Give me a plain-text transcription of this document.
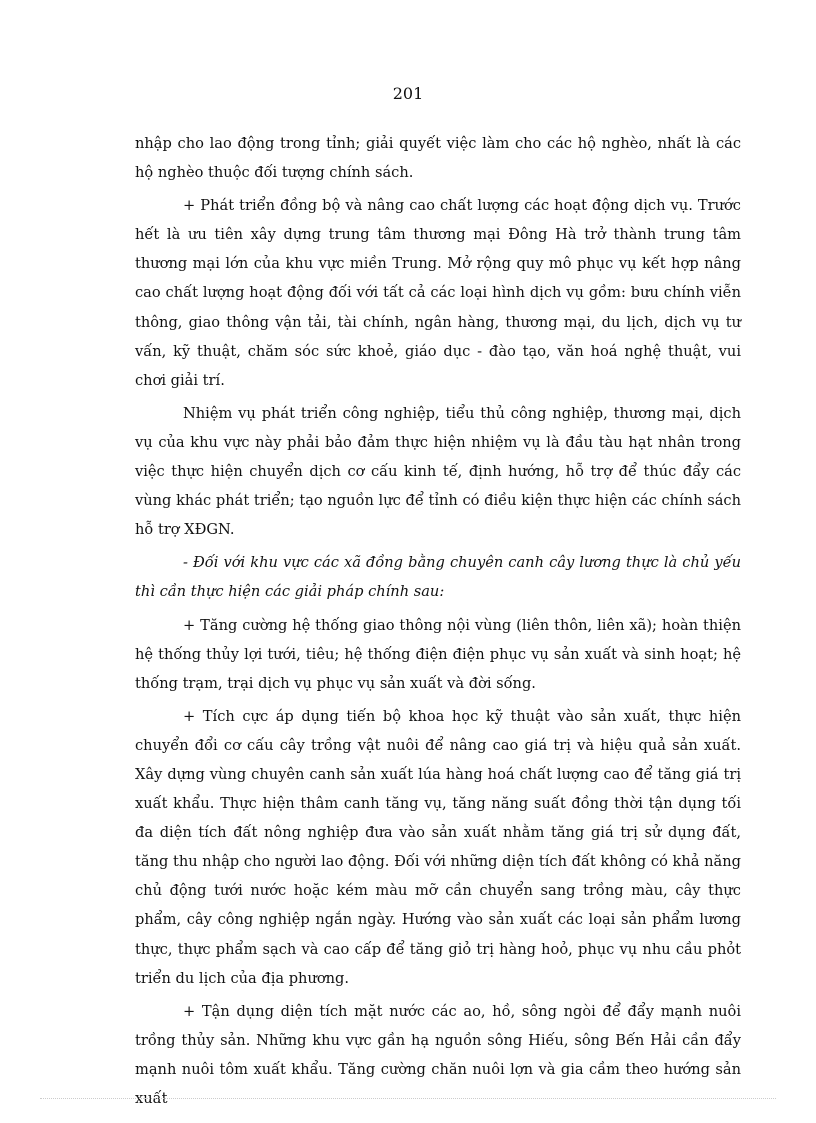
201

nhập cho lao động trong tỉnh; giải quyết việc làm cho các hộ nghèo, nhất là các hộ nghèo thuộc đối tượng chính sách.

+ Phát triển đồng bộ và nâng cao chất lượng các hoạt động dịch vụ. Trước hết là ưu tiên xây dựng trung tâm thương mại Đông Hà trở thành trung tâm thương mại lớn của khu vực miền Trung. Mở rộng quy mô phục vụ kết hợp nâng cao chất lượng hoạt động đối với tất cả các loại hình dịch vụ gồm: bưu chính viễn thông, giao thông vận tải, tài chính, ngân hàng, thương mại, du lịch, dịch vụ tư vấn, kỹ thuật, chăm sóc sức khoẻ, giáo dục - đào tạo, văn hoá nghệ thuật, vui chơi giải trí.

Nhiệm vụ phát triển công nghiệp, tiểu thủ công nghiệp, thương mại, dịch vụ của khu vực này phải bảo đảm thực hiện nhiệm vụ là đầu tàu hạt nhân trong việc thực hiện chuyển dịch cơ cấu kinh tế, định hướng, hỗ trợ để thúc đẩy các vùng khác phát triển; tạo nguồn lực để tỉnh có điều kiện thực hiện các chính sách hỗ trợ XĐGN.

- Đối với khu vực các xã đồng bằng chuyên canh cây lương thực là chủ yếu thì cần thực hiện các giải pháp chính sau:

+ Tăng cường hệ thống giao thông nội vùng (liên thôn, liên xã); hoàn thiện hệ thống thủy lợi tưới, tiêu; hệ thống điện điện phục vụ sản xuất và sinh hoạt; hệ thống trạm, trại dịch vụ phục vụ sản xuất và đời sống.

+ Tích cực áp dụng tiến bộ khoa học kỹ thuật vào sản xuất, thực hiện chuyển đổi cơ cấu cây trồng vật nuôi để nâng cao giá trị và hiệu quả sản xuất. Xây dựng vùng chuyên canh sản xuất lúa hàng hoá chất lượng cao để tăng giá trị xuất khẩu. Thực hiện thâm canh tăng vụ, tăng năng suất đồng thời tận dụng tối đa diện tích đất nông nghiệp đưa vào sản xuất nhằm tăng giá trị sử dụng đất, tăng thu nhập cho người lao động. Đối với những diện tích đất không có khả năng chủ động tưới nước hoặc kém màu mỡ cần chuyển sang trồng màu, cây thực phẩm, cây công nghiệp ngắn ngày. Hướng vào sản xuất các loại sản phẩm lương thực, thực phẩm sạch và cao cấp để tăng giỏ trị hàng hoỏ, phục vụ nhu cầu phỏt triển du lịch của địa phương.

+ Tận dụng diện tích mặt nước các ao, hồ, sông ngòi để đẩy mạnh nuôi trồng thủy sản. Những khu vực gần hạ nguồn sông Hiếu, sông Bến Hải cần đẩy mạnh nuôi tôm xuất khẩu. Tăng cường chăn nuôi lợn và gia cầm theo hướng sản xuất
